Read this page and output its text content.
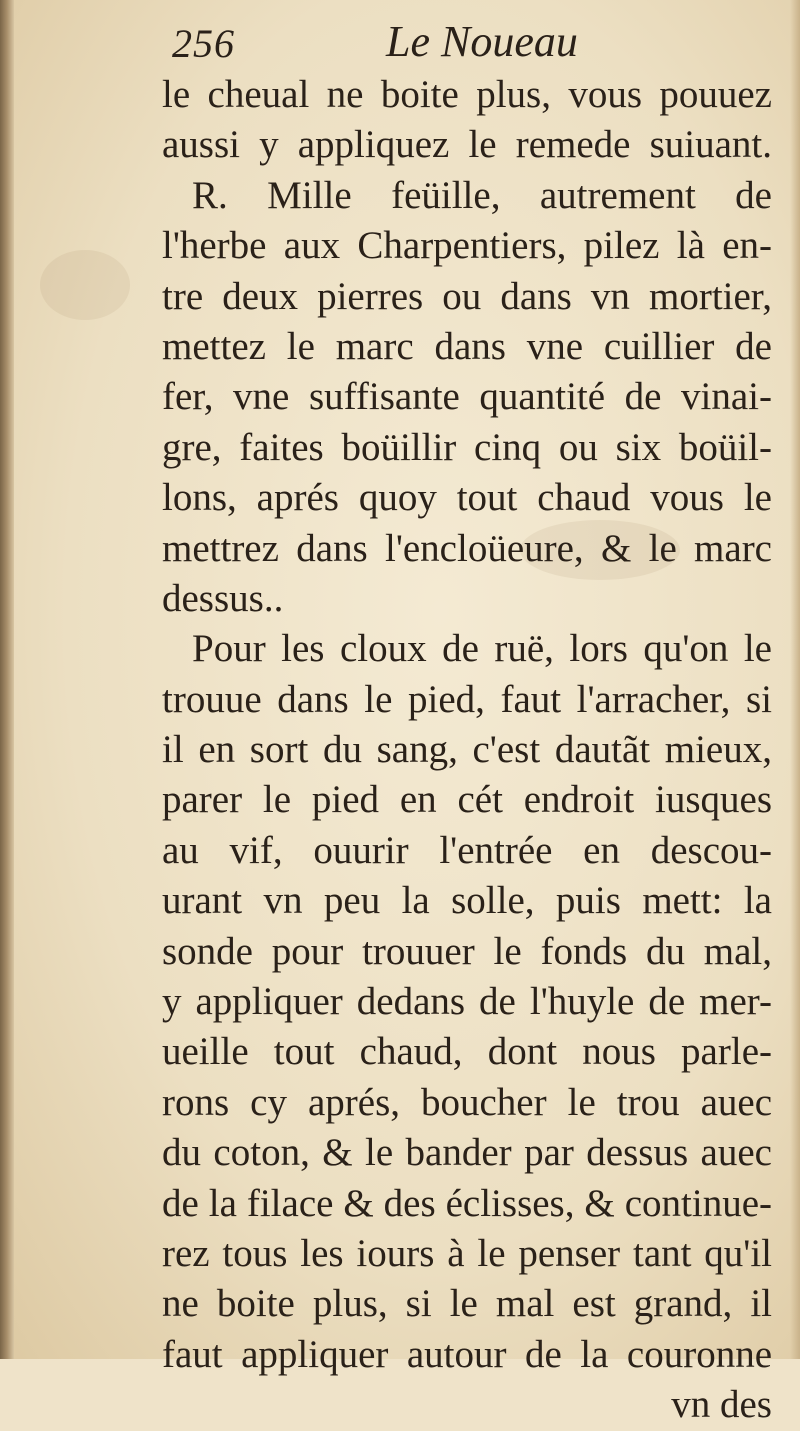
256	Le Noueau
le cheual ne boite plus, vous pouuez
aussi y appliquez le remede suiuant.
R. Mille feüille, autrement de
l'herbe aux Charpentiers, pilez là en-
tre deux pierres ou dans vn mortier,
mettez le marc dans vne cuillier de
fer, vne suffisante quantité de vinai-
gre, faites boüillir cinq ou six boüil-
lons, aprés quoy tout chaud vous le
mettrez dans l'encloüeure, & le marc
dessus..
Pour les cloux de ruë, lors qu'on le
trouue dans le pied, faut l'arracher, si
il en sort du sang, c'est dautãt mieux,
parer le pied en cét endroit iusques
au vif, ouurir l'entrée en descou-
urant vn peu la solle, puis mett: la
sonde pour trouuer le fonds du mal,
y appliquer dedans de l'huyle de mer-
ueille tout chaud, dont nous parle-
rons cy aprés, boucher le trou auec
du coton, & le bander par dessus auec
de la filace & des éclisses, & continue-
rez tous les iours à le penser tant qu'il
ne boite plus, si le mal est grand, il
faut appliquer autour de la couronne
vn des
